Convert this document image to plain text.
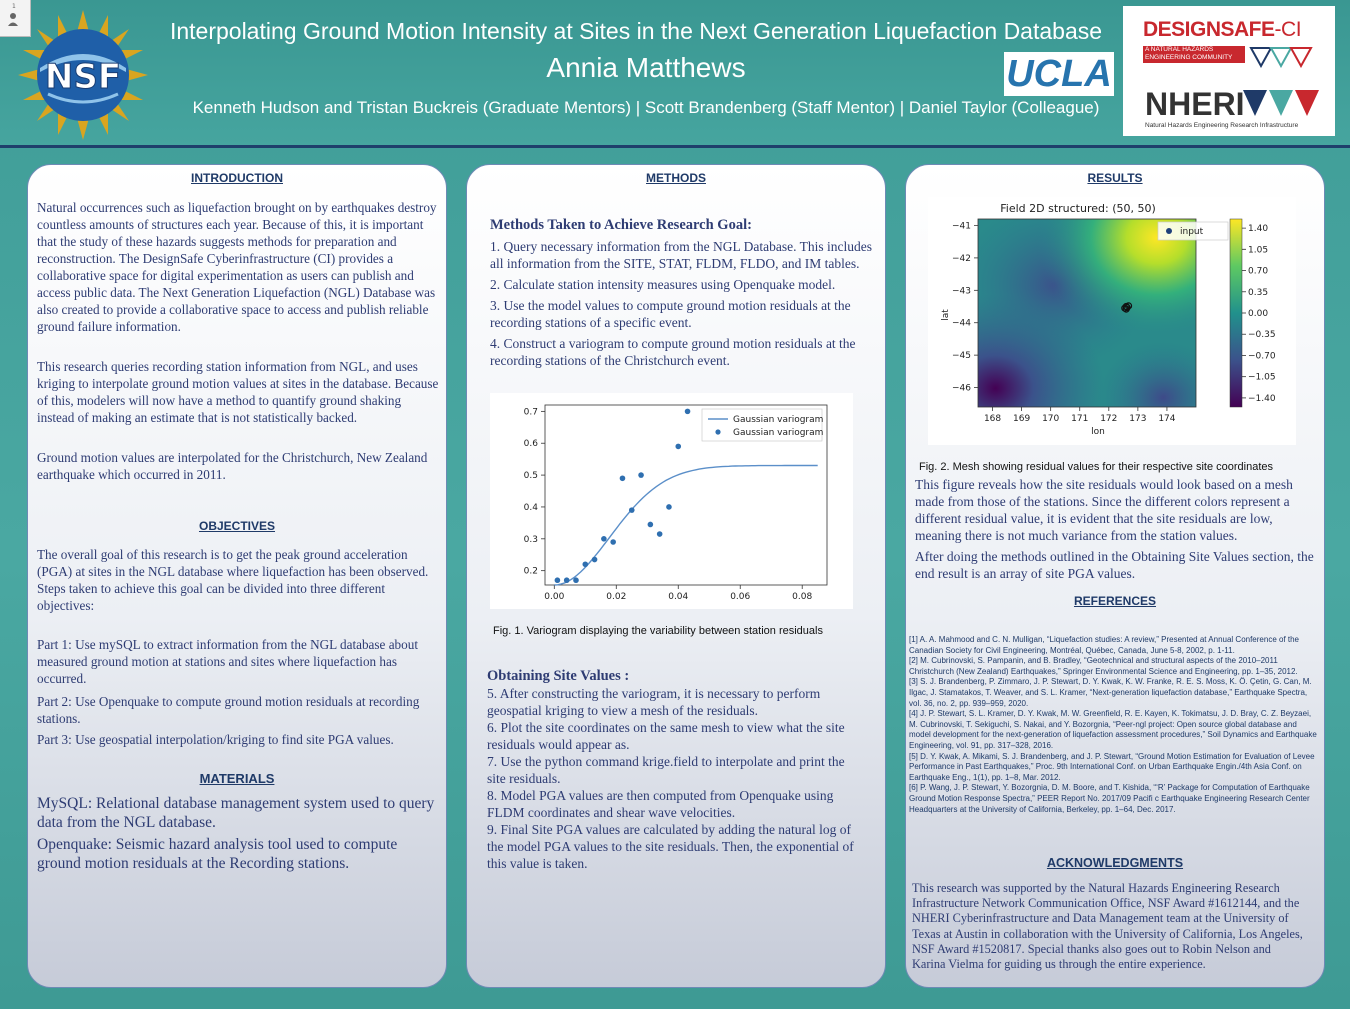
1
NSF
Interpolating Ground Motion Intensity at Sites in the Next Generation Liquefaction Database
Annia Matthews
Kenneth Hudson and Tristan Buckreis (Graduate Mentors) | Scott Brandenberg (Staff Mentor) | Daniel Taylor (Colleague)
UCLA
DESIGNSAFE-CI
A NATURAL HAZARDS ENGINEERING COMMUNITY
NHERI
Natural Hazards Engineering Research Infrastructure
INTRODUCTION

Natural occurrences such as liquefaction brought on by earthquakes destroy countless amounts of structures each year. Because of this, it is important that the study of these hazards suggests methods for preparation and reconstruction. The DesignSafe Cyberinfrastructure (CI) provides a collaborative space for digital experimentation as users can publish and access public data. The Next Generation Liquefaction (NGL) Database was also created to provide a collaborative space to access and publish reliable ground failure information.

This research queries recording station information from NGL, and uses kriging to interpolate ground motion values at sites in the database. Because of this, modelers will now have a method to quantify ground shaking instead of making an estimate that is not statistically backed.

Ground motion values are interpolated for the Christchurch, New Zealand earthquake which occurred in 2011.

OBJECTIVES

The overall goal of this research is to get the peak ground acceleration (PGA) at sites in the NGL database where liquefaction has been observed. Steps taken to achieve this goal can be divided into three different objectives:

Part 1: Use mySQL to extract information from the NGL database about measured ground motion at stations and sites where liquefaction has occurred.

Part 2: Use Openquake to compute ground motion residuals at recording stations.

Part 3: Use geospatial interpolation/kriging to find site PGA values.

MATERIALS

MySQL: Relational database management system used to query data from the NGL database.

Openquake: Seismic hazard analysis tool used to compute ground motion residuals at the Recording stations.

METHODS

Methods Taken to Achieve Research Goal:

1. Query necessary information from the NGL Database. This includes all information from the SITE, STAT, FLDM, FLDO, and IM tables.

2. Calculate station intensity measures using Openquake model.

3. Use the model values to compute ground motion residuals at the recording stations of a specific event.

4. Construct a variogram to compute ground motion residuals at the recording stations of the Christchurch event.

0.00	0.02	0.04	0.06	0.08
0.2
0.3
0.4
0.5
0.6
0.7
Gaussian variogram
Gaussian variogram
Fig. 1. Variogram displaying the variability between station residuals

Obtaining Site Values :

5. After constructing the variogram, it is necessary to perform geospatial kriging to view a mesh of the residuals.

6. Plot the site coordinates on the same mesh to view what the site residuals would appear as.

7. Use the python command krige.field to interpolate and print the site residuals.

8. Model PGA values are then computed from Openquake using FLDM coordinates and shear wave velocities.

9. Final Site PGA values are calculated by adding the natural log of the model PGA values to the site residuals. Then, the exponential of this value is taken.

RESULTS
Field 2D structured: (50, 50)
168 169 170 171 172 173 174
−41
−42
−43
−44
−45
−46
input	1.40
1.05
0.70
0.35
0.00
−0.35
−0.70
−1.05
−1.40
lon
lat
Fig. 2. Mesh showing residual values for their respective site coordinates

This figure reveals how the site residuals would look based on a mesh made from those of the stations. Since the different colors represent a different residual value, it is evident that the site residuals are low, meaning there is not much variance from the station values.

After doing the methods outlined in the Obtaining Site Values section, the end result is an array of site PGA values.

REFERENCES

[1] A. A. Mahmood and C. N. Mulligan, “Liquefaction studies: A review,” Presented at Annual Conference of the Canadian Society for Civil Engineering, Montréal, Québec, Canada, June 5-8, 2002, p. 1-11.

[2] M. Cubrinovski, S. Pampanin, and B. Bradley, “Geotechnical and structural aspects of the 2010–2011 Christchurch (New Zealand) Earthquakes,” Springer Environmental Science and Engineering, pp. 1–35, 2012.

[3] S. J. Brandenberg, P. Zimmaro, J. P. Stewart, D. Y. Kwak, K. W. Franke, R. E. S. Moss, K. Ö. Çetin, G. Can, M. Ilgac, J. Stamatakos, T. Weaver, and S. L. Kramer, “Next-generation liquefaction database,” Earthquake Spectra, vol. 36, no. 2, pp. 939–959, 2020.

[4] J. P. Stewart, S. L. Kramer, D. Y. Kwak, M. W. Greenfield, R. E. Kayen, K. Tokimatsu, J. D. Bray, C. Z. Beyzaei, M. Cubrinovski, T. Sekiguchi, S. Nakai, and Y. Bozorgnia, “Peer-ngl project: Open source global database and model development for the next-generation of liquefaction assessment procedures,” Soil Dynamics and Earthquake Engineering, vol. 91, pp. 317–328, 2016.

[5] D. Y. Kwak, A. Mikami, S. J. Brandenberg, and J. P. Stewart, “Ground Motion Estimation for Evaluation of Levee Performance in Past Earthquakes,” Proc. 9th International Conf. on Urban Earthquake Engin./4th Asia Conf. on Earthquake Eng., 1(1), pp. 1–8, Mar. 2012.

[6] P. Wang, J. P. Stewart, Y. Bozorgnia, D. M. Boore, and T. Kishida, “‘R’ Package for Computation of Earthquake Ground Motion Response Spectra,” PEER Report No. 2017/09 Pacifi c Earthquake Engineering Research Center Headquarters at the University of California, Berkeley, pp. 1–64, Dec. 2017.

ACKNOWLEDGMENTS
This research was supported by the Natural Hazards Engineering Research Infrastructure Network Communication Office, NSF Award #1612144, and the NHERI Cyberinfrastructure and Data Management team at the University of Texas at Austin in collaboration with the University of California, Los Angeles, NSF Award #1520817. Special thanks also goes out to Robin Nelson and Karina Vielma for guiding us through the entire experience.
